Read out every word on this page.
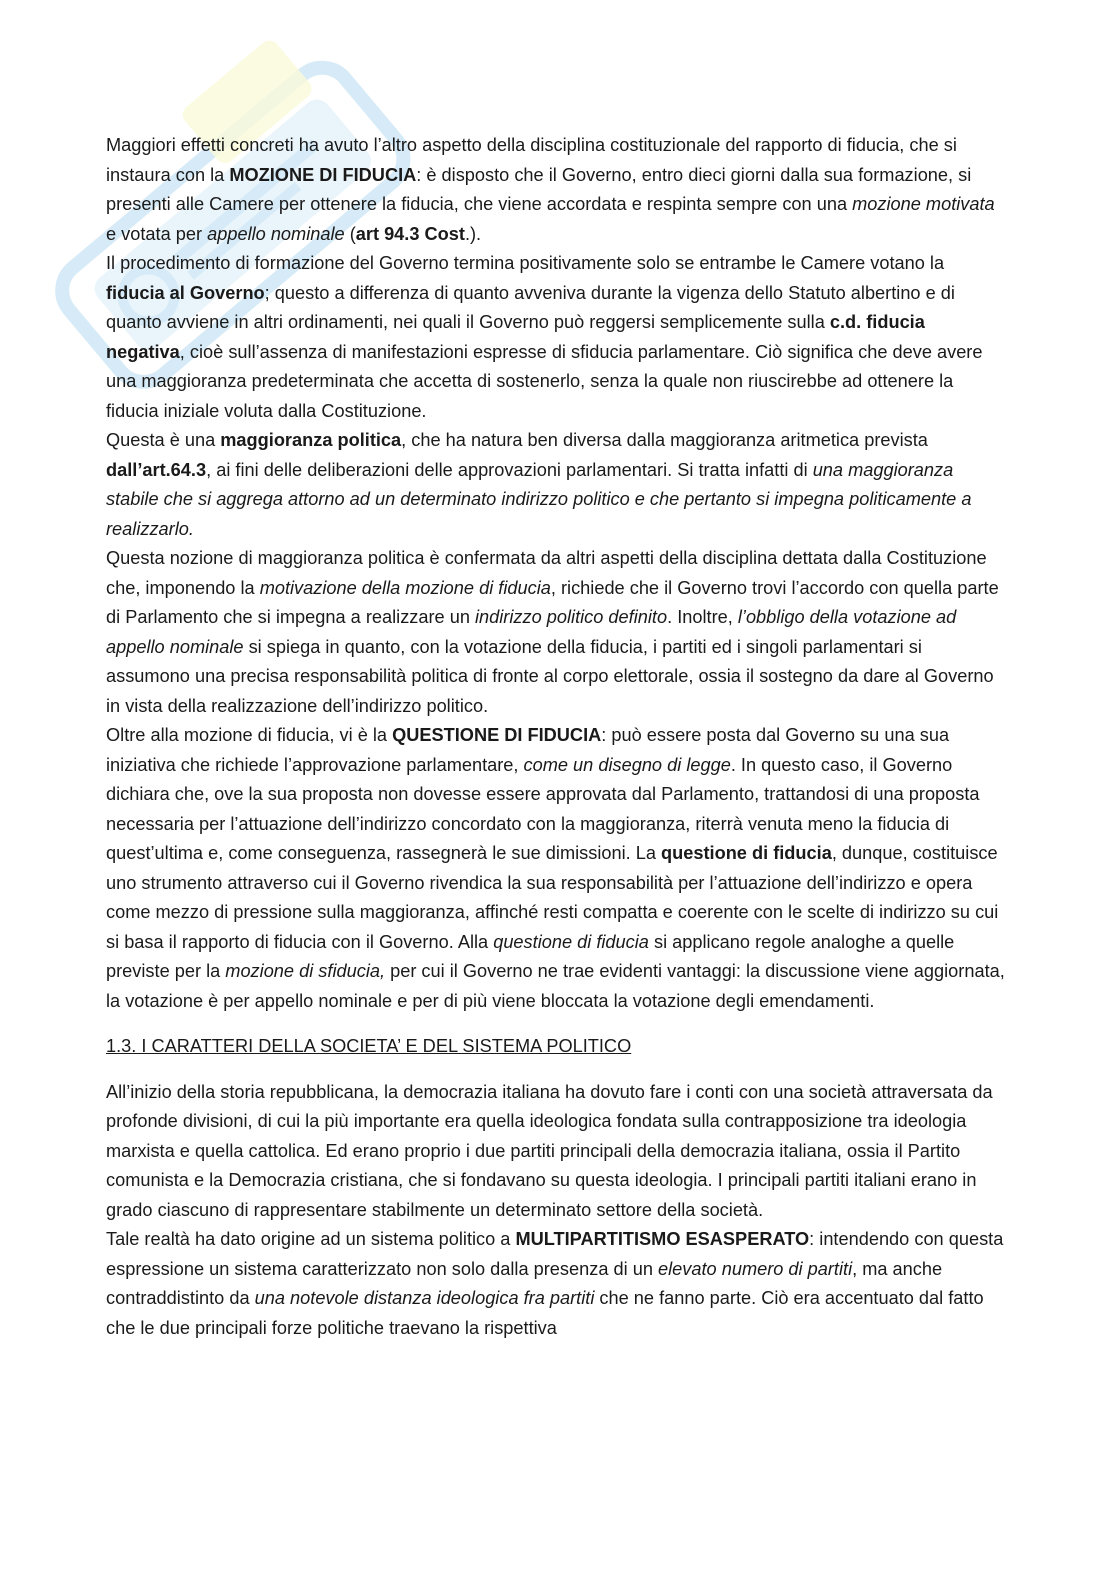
Maggiori effetti concreti ha avuto l’altro aspetto della disciplina costituzionale del rapporto di fiducia, che si instaura con la MOZIONE DI FIDUCIA: è disposto che il Governo, entro dieci giorni dalla sua formazione, si presenti alle Camere per ottenere la fiducia, che viene accordata e respinta sempre con una mozione motivata e votata per appello nominale (art 94.3 Cost.).

Il procedimento di formazione del Governo termina positivamente solo se entrambe le Camere votano la fiducia al Governo; questo a differenza di quanto avveniva durante la vigenza dello Statuto albertino e di quanto avviene in altri ordinamenti, nei quali il Governo può reggersi semplicemente sulla c.d. fiducia negativa, cioè sull’assenza di manifestazioni espresse di sfiducia parlamentare. Ciò significa che deve avere una maggioranza predeterminata che accetta di sostenerlo, senza la quale non riuscirebbe ad ottenere la fiducia iniziale voluta dalla Costituzione.

Questa è una maggioranza politica, che ha natura ben diversa dalla maggioranza aritmetica prevista dall’art.64.3, ai fini delle deliberazioni delle approvazioni parlamentari. Si tratta infatti di una maggioranza stabile che si aggrega attorno ad un determinato indirizzo politico e che pertanto si impegna politicamente a realizzarlo.

Questa nozione di maggioranza politica è confermata da altri aspetti della disciplina dettata dalla Costituzione che, imponendo la motivazione della mozione di fiducia, richiede che il Governo trovi l’accordo con quella parte di Parlamento che si impegna a realizzare un indirizzo politico definito. Inoltre, l’obbligo della votazione ad appello nominale si spiega in quanto, con la votazione della fiducia, i partiti ed i singoli parlamentari si assumono una precisa responsabilità politica di fronte al corpo elettorale, ossia il sostegno da dare al Governo in vista della realizzazione dell’indirizzo politico.

Oltre alla mozione di fiducia, vi è la QUESTIONE DI FIDUCIA: può essere posta dal Governo su una sua iniziativa che richiede l’approvazione parlamentare, come un disegno di legge. In questo caso, il Governo dichiara che, ove la sua proposta non dovesse essere approvata dal Parlamento, trattandosi di una proposta necessaria per l’attuazione dell’indirizzo concordato con la maggioranza, riterrà venuta meno la fiducia di quest’ultima e, come conseguenza, rassegnerà le sue dimissioni. La questione di fiducia, dunque, costituisce uno strumento attraverso cui il Governo rivendica la sua responsabilità per l’attuazione dell’indirizzo e opera come mezzo di pressione sulla maggioranza, affinché resti compatta e coerente con le scelte di indirizzo su cui si basa il rapporto di fiducia con il Governo. Alla questione di fiducia si applicano regole analoghe a quelle previste per la mozione di sfiducia, per cui il Governo ne trae evidenti vantaggi: la discussione viene aggiornata, la votazione è per appello nominale e per di più viene bloccata la votazione degli emendamenti.

1.3. I CARATTERI DELLA SOCIETA’ E DEL SISTEMA POLITICO

All’inizio della storia repubblicana, la democrazia italiana ha dovuto fare i conti con una società attraversata da profonde divisioni, di cui la più importante era quella ideologica fondata sulla contrapposizione tra ideologia marxista e quella cattolica. Ed erano proprio i due partiti principali della democrazia italiana, ossia il Partito comunista e la Democrazia cristiana, che si fondavano su questa ideologia. I principali partiti italiani erano in grado ciascuno di rappresentare stabilmente un determinato settore della società.

Tale realtà ha dato origine ad un sistema politico a MULTIPARTITISMO ESASPERATO: intendendo con questa espressione un sistema caratterizzato non solo dalla presenza di un elevato numero di partiti, ma anche contraddistinto da una notevole distanza ideologica fra partiti che ne fanno parte. Ciò era accentuato dal fatto che le due principali forze politiche traevano la rispettiva
